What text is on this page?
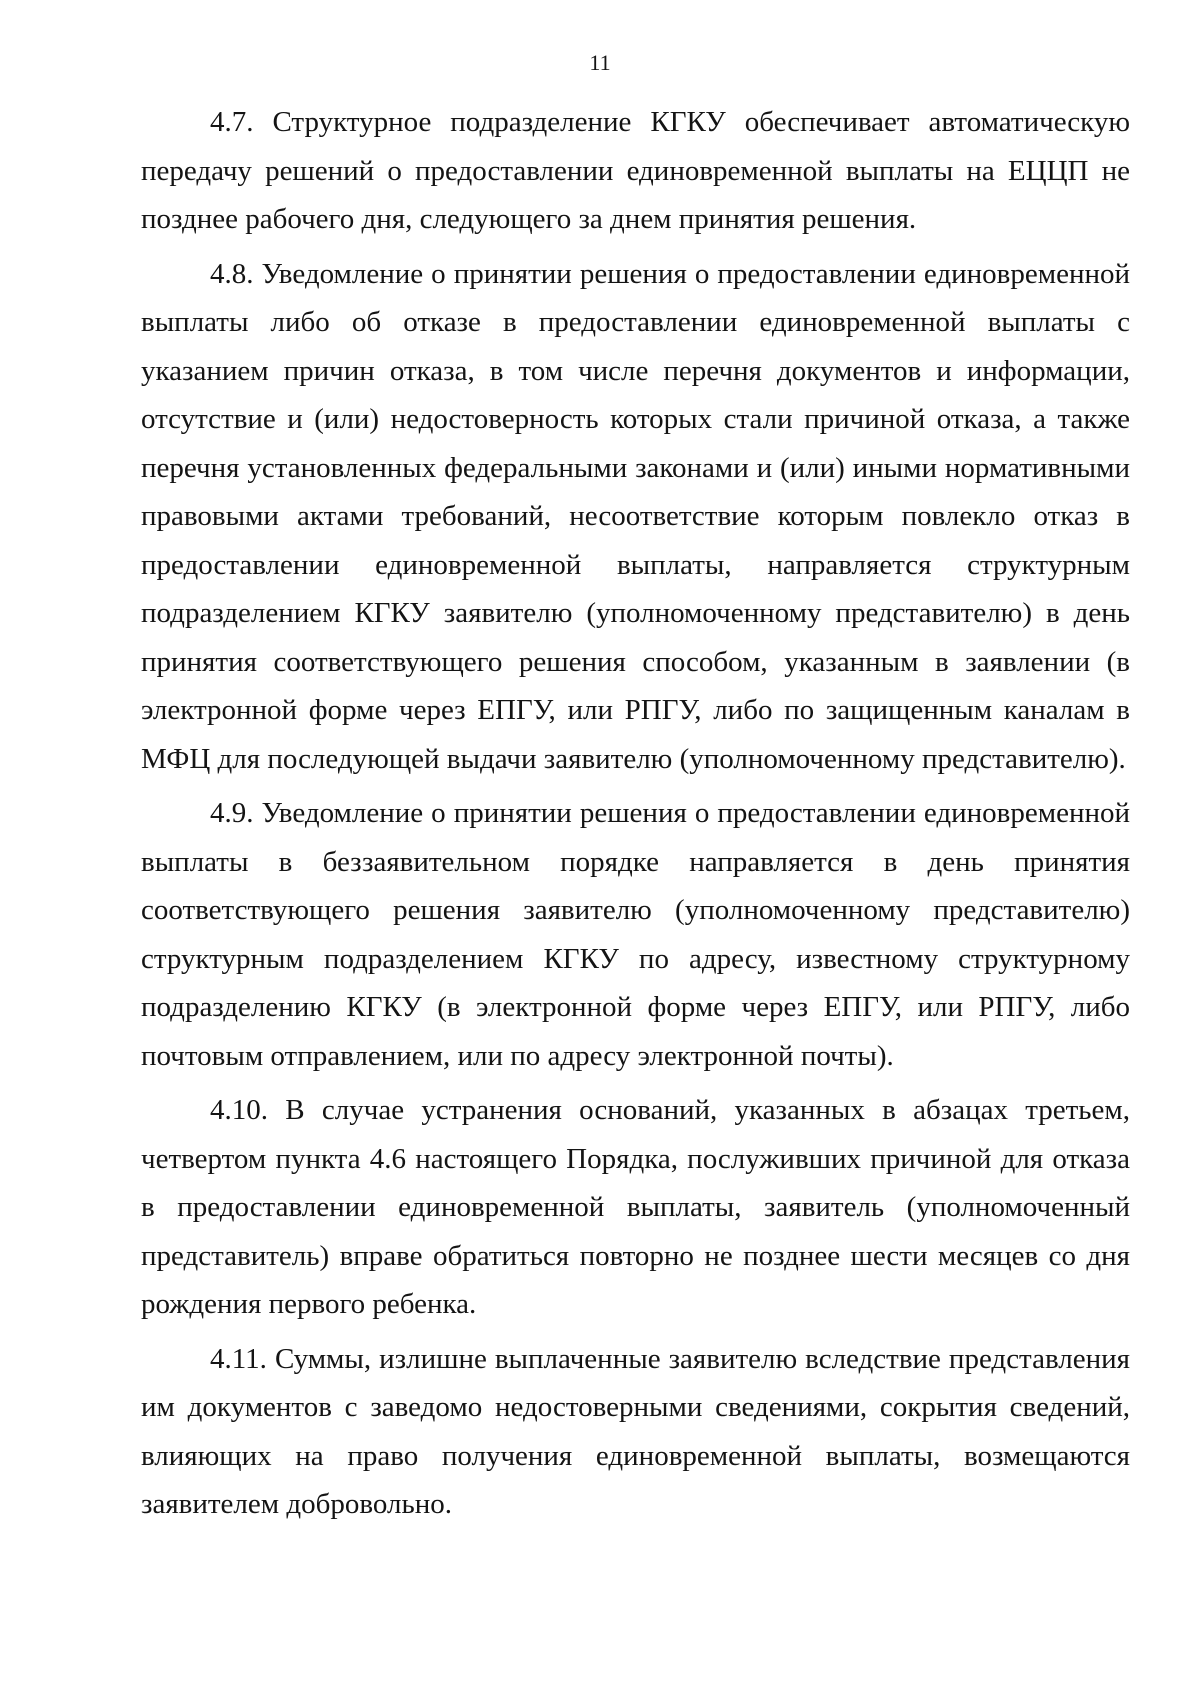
11

4.7. Структурное подразделение КГКУ обеспечивает автоматическую передачу решений о предоставлении единовременной выплаты на ЕЦЦП не позднее рабочего дня, следующего за днем принятия решения.

4.8. Уведомление о принятии решения о предоставлении единовременной выплаты либо об отказе в предоставлении единовременной выплаты с указанием причин отказа, в том числе перечня документов и информации, отсутствие и (или) недостоверность которых стали причиной отказа, а также перечня установленных федеральными законами и (или) иными нормативными правовыми актами требований, несоответствие которым повлекло отказ в предоставлении единовременной выплаты, направляется структурным подразделением КГКУ заявителю (уполномоченному представителю) в день принятия соответствующего решения способом, указанным в заявлении (в электронной форме через ЕПГУ, или РПГУ, либо по защищенным каналам в МФЦ для последующей выдачи заявителю (уполномоченному представителю).

4.9. Уведомление о принятии решения о предоставлении единовременной выплаты в беззаявительном порядке направляется в день принятия соответствующего решения заявителю (уполномоченному представителю) структурным подразделением КГКУ по адресу, известному структурному подразделению КГКУ (в электронной форме через ЕПГУ, или РПГУ, либо почтовым отправлением, или по адресу электронной почты).

4.10. В случае устранения оснований, указанных в абзацах третьем, четвертом пункта 4.6 настоящего Порядка, послуживших причиной для отказа в предоставлении единовременной выплаты, заявитель (уполномоченный представитель) вправе обратиться повторно не позднее шести месяцев со дня рождения первого ребенка.

4.11. Суммы, излишне выплаченные заявителю вследствие представления им документов с заведомо недостоверными сведениями, сокрытия сведений, влияющих на право получения единовременной выплаты, возмещаются заявителем добровольно.
